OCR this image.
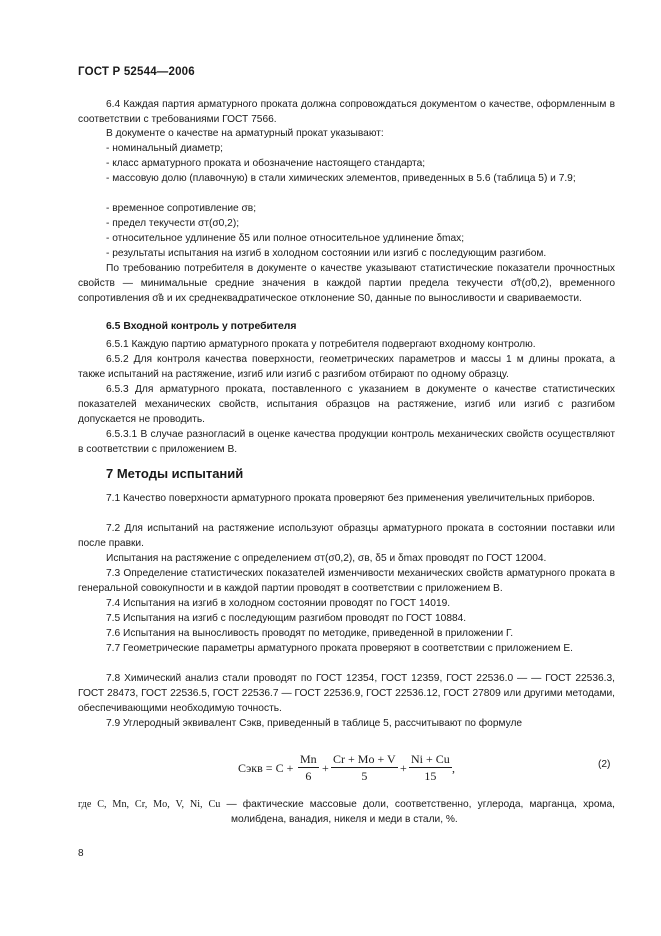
ГОСТ Р 52544—2006
6.4 Каждая партия арматурного проката должна сопровождаться документом о качестве, оформленным в соответствии с требованиями ГОСТ 7566.
В документе о качестве на арматурный прокат указывают:
- номинальный диаметр;
- класс арматурного проката и обозначение настоящего стандарта;
- массовую долю (плавочную) в стали химических элементов, приведенных в 5.6 (таблица 5) и 7.9;
- временное сопротивление σв;
- предел текучести σт(σ0,2);
- относительное удлинение δ5 или полное относительное удлинение δmax;
- результаты испытания на изгиб в холодном состоянии или изгиб с последующим разгибом.
По требованию потребителя в документе о качестве указывают статистические показатели прочностных свойств — минимальные средние значения в каждой партии предела текучести σ̃т(σ̃0,2), временного сопротивления σ̃в и их среднеквадратическое отклонение S0, данные по выносливости и свариваемости.
6.5 Входной контроль у потребителя
6.5.1 Каждую партию арматурного проката у потребителя подвергают входному контролю.
6.5.2 Для контроля качества поверхности, геометрических параметров и массы 1 м длины проката, а также испытаний на растяжение, изгиб или изгиб с разгибом отбирают по одному образцу.
6.5.3 Для арматурного проката, поставленного с указанием в документе о качестве статистических показателей механических свойств, испытания образцов на растяжение, изгиб или изгиб с разгибом допускается не проводить.
6.5.3.1 В случае разногласий в оценке качества продукции контроль механических свойств осуществляют в соответствии с приложением В.
7 Методы испытаний
7.1 Качество поверхности арматурного проката проверяют без применения увеличительных приборов.
7.2 Для испытаний на растяжение используют образцы арматурного проката в состоянии поставки или после правки.
Испытания на растяжение с определением σт(σ0,2), σв, δ5 и δmax проводят по ГОСТ 12004.
7.3 Определение статистических показателей изменчивости механических свойств арматурного проката в генеральной совокупности и в каждой партии проводят в соответствии с приложением В.
7.4 Испытания на изгиб в холодном состоянии проводят по ГОСТ 14019.
7.5 Испытания на изгиб с последующим разгибом проводят по ГОСТ 10884.
7.6 Испытания на выносливость проводят по методике, приведенной в приложении Г.
7.7 Геометрические параметры арматурного проката проверяют в соответствии с приложением Е.
7.8 Химический анализ стали проводят по ГОСТ 12354, ГОСТ 12359, ГОСТ 22536.0 — — ГОСТ 22536.3, ГОСТ 28473, ГОСТ 22536.5, ГОСТ 22536.7 — ГОСТ 22536.9, ГОСТ 22536.12, ГОСТ 27809 или другими методами, обеспечивающими необходимую точность.
7.9 Углеродный эквивалент Сэкв, приведенный в таблице 5, рассчитывают по формуле
Сэкв = $C + \frac{Mn}{6} + \frac{Cr + Mo + V}{5} + \frac{Ni + Cu}{15}$ ,	(2)
где C, Mn, Cr, Mo, V, Ni, Cu — фактические массовые доли, соответственно, углерода, марганца, хрома, молибдена, ванадия, никеля и меди в стали, %.
8
